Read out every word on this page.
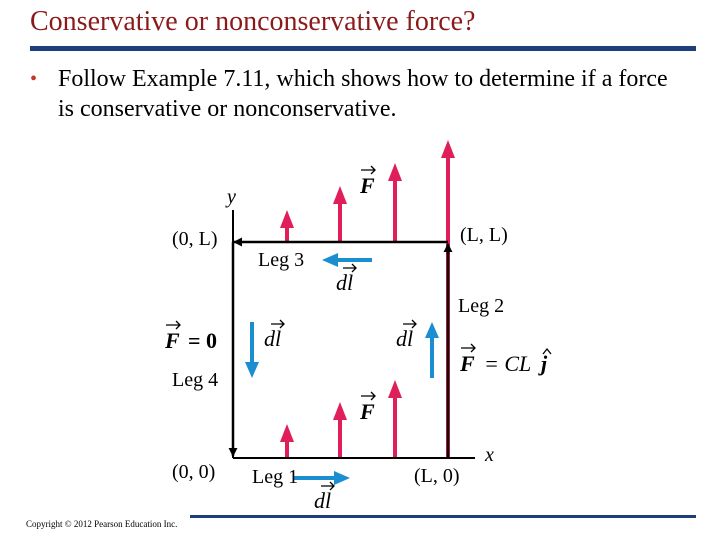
Conservative or nonconservative force?
• Follow Example 7.11, which shows how to determine if a force is conservative or nonconservative.
y
x
(0, L)	(L, L)
(0, 0)	(L, 0)
Leg 3
Leg 2
Leg 4
Leg 1
F
F
F = 0
F = CL j
dl
dl	dl
dl
Copyright © 2012 Pearson Education Inc.
